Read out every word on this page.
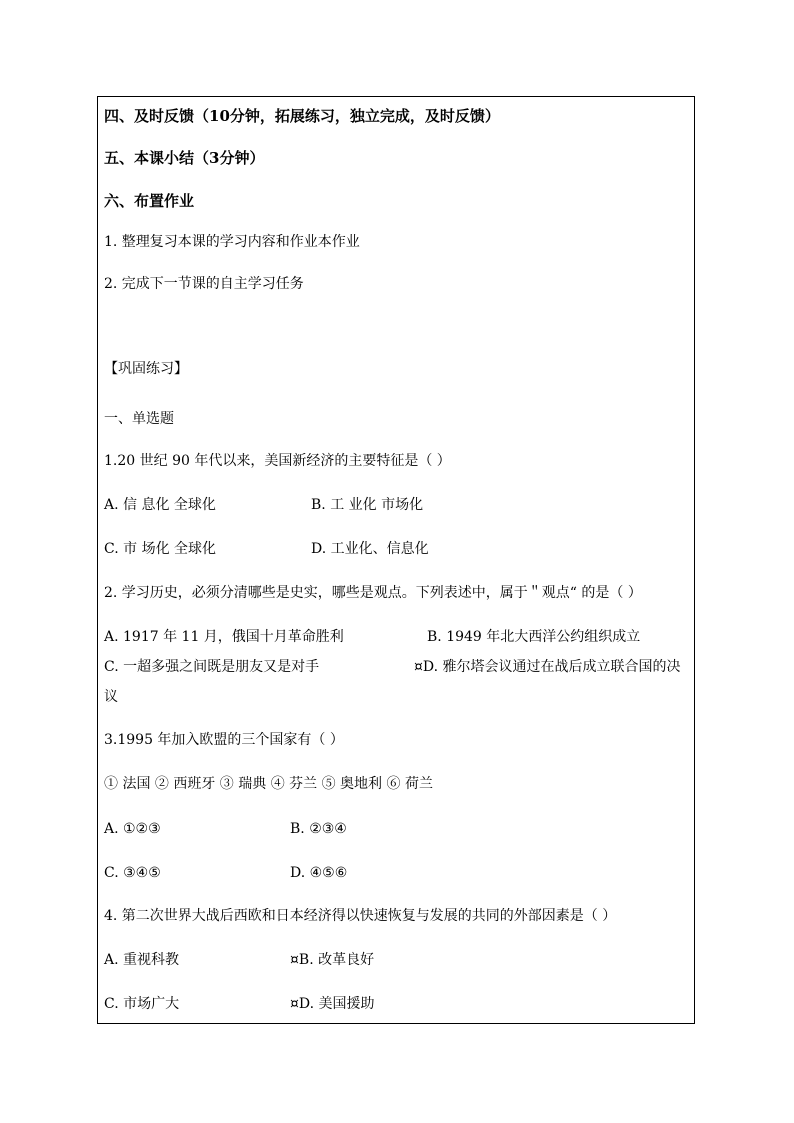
四、及时反馈（10分钟，拓展练习，独立完成，及时反馈）
五、本课小结（3分钟）
六、布置作业
1. 整理复习本课的学习内容和作业本作业
2. 完成下一节课的自主学习任务
【巩固练习】
一、单选题
1.20 世纪 90 年代以来，美国新经济的主要特征是（ ）
A. 信 息化 全球化	B. 工 业化 市场化
C. 市 场化 全球化	D. 工业化、信息化
2. 学习历史，必须分清哪些是史实，哪些是观点。下列表述中，属于＂观点“ 的是（ ）
A. 1917 年 11 月，俄国十月革命胜利	B. 1949 年北大西洋公约组织成立
C. 一超多强之间既是朋友又是对手	¤D. 雅尔塔会议通过在战后成立联合国的决
议
3.1995 年加入欧盟的三个国家有（ ）
① 法国 ② 西班牙 ③ 瑞典 ④ 芬兰 ⑤ 奥地利 ⑥ 荷兰
A. ①②③	B. ②③④
C. ③④⑤	D. ④⑤⑥
4. 第二次世界大战后西欧和日本经济得以快速恢复与发展的共同的外部因素是（ ）
A. 重视科教	¤B. 改革良好
C. 市场广大	¤D. 美国援助
